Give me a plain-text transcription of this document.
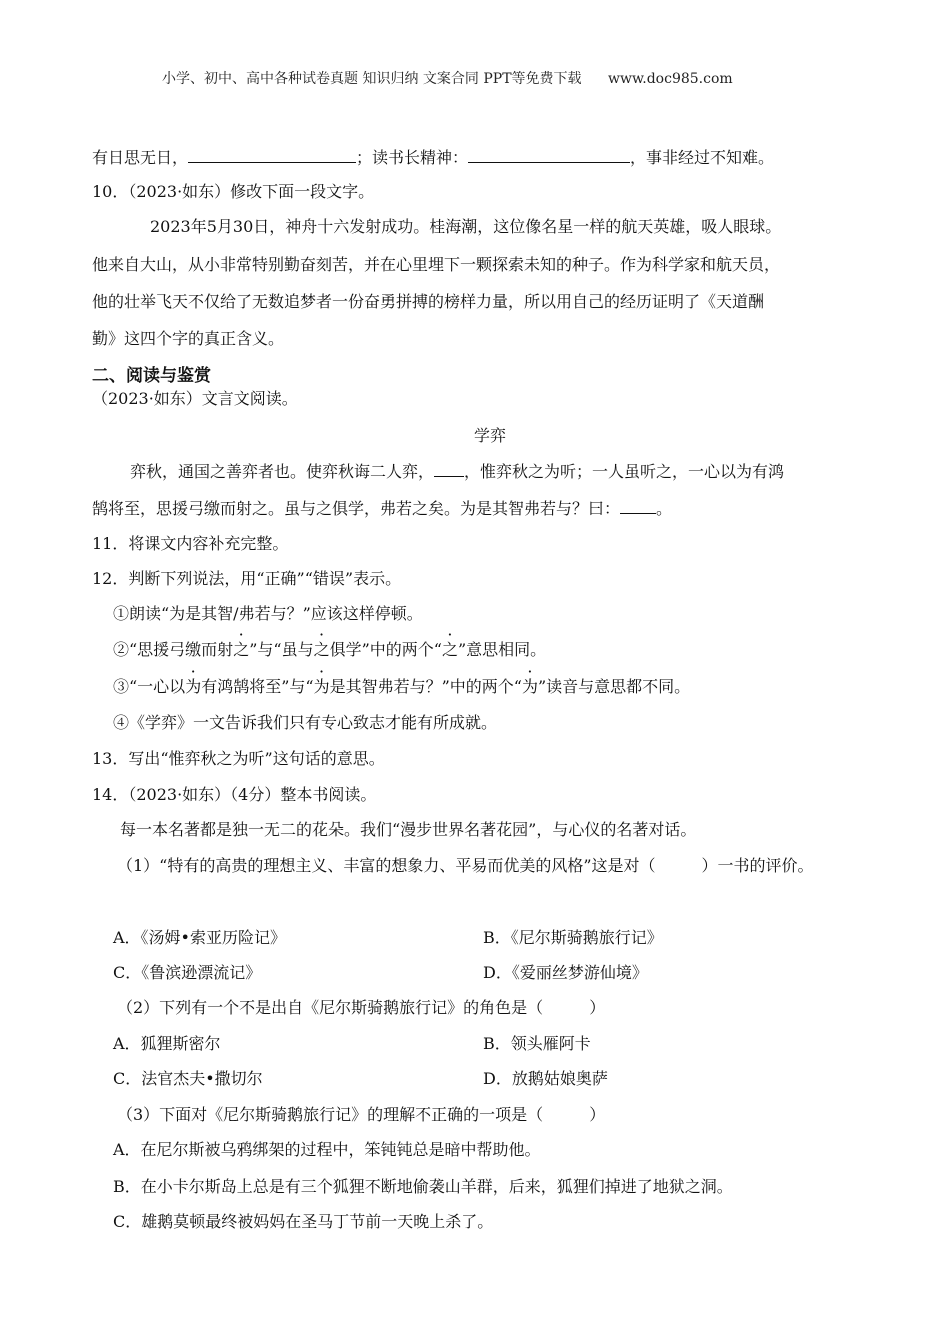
小学、初中、高中各种试卷真题 知识归纳 文案合同 PPT等免费下载 www.doc985.com
有日思无日，	；读书长精神：	，事非经过不知难。
10．（2023·如东）修改下面一段文字。
2023年5月30日，神舟十六发射成功。桂海潮，这位像名星一样的航天英雄，吸人眼球。
他来自大山，从小非常特别勤奋刻苦，并在心里埋下一颗探索未知的种子。作为科学家和航天员，
他的壮举飞天不仅给了无数追梦者一份奋勇拼搏的榜样力量，所以用自己的经历证明了《天道酬
勤》这四个字的真正含义。
二、阅读与鉴赏
（2023·如东）文言文阅读。
学弈
弈秋，通国之善弈者也。使弈秋诲二人弈， ，惟弈秋之为听；一人虽听之，一心以为有鸿
鹄将至，思援弓缴而射之。虽与之俱学，弗若之矣。为是其智弗若与？曰： 。
11．将课文内容补充完整。
12．判断下列说法，用“正确”“错误”表示。
①朗读“为是其智/弗若与？”应该这样停顿。
②“思援弓缴而射之”与“虽与之俱学”中的两个“之”意思相同。
③“一心以为有鸿鹄将至”与“为是其智弗若与？”中的两个“为”读音与意思都不同。
④《学弈》一文告诉我们只有专心致志才能有所成就。
13．写出“惟弈秋之为听”这句话的意思。
14．（2023·如东）（4分）整本书阅读。
每一本名著都是独一无二的花朵。我们“漫步世界名著花园”，与心仪的名著对话。
（1）“特有的高贵的理想主义、丰富的想象力、平易而优美的风格”这是对（	）一书的评价。
A．《汤姆•索亚历险记》	B．《尼尔斯骑鹅旅行记》
C．《鲁滨逊漂流记》	D．《爱丽丝梦游仙境》
（2）下列有一个不是出自《尼尔斯骑鹅旅行记》的角色是（	）
A．狐狸斯密尔	B．领头雁阿卡
C．法官杰夫•撒切尔	D．放鹅姑娘奥萨
（3）下面对《尼尔斯骑鹅旅行记》的理解不正确的一项是（	）
A．在尼尔斯被乌鸦绑架的过程中，笨钝钝总是暗中帮助他。
B．在小卡尔斯岛上总是有三个狐狸不断地偷袭山羊群，后来，狐狸们掉进了地狱之洞。
C．雄鹅莫顿最终被妈妈在圣马丁节前一天晚上杀了。
